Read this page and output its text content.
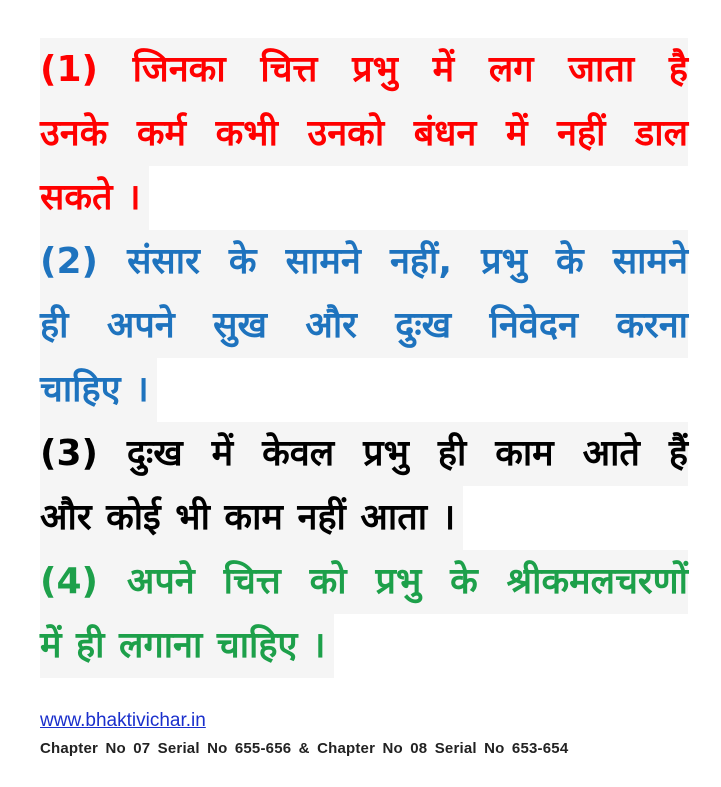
(1) जिनका चित्त प्रभु में लग जाता है
उनके कर्म कभी उनको बंधन में नहीं डाल
सकते ।
(2) संसार के सामने नहीं, प्रभु के सामने
ही अपने सुख और दुःख निवेदन करना
चाहिए ।
(3) दुःख में केवल प्रभु ही काम आते हैं
और कोई भी काम नहीं आता ।
(4) अपने चित्त को प्रभु के श्रीकमलचरणों
में ही लगाना चाहिए ।
www.bhaktivichar.in
Chapter No 07 Serial No 655-656 & Chapter No 08 Serial No 653-654
